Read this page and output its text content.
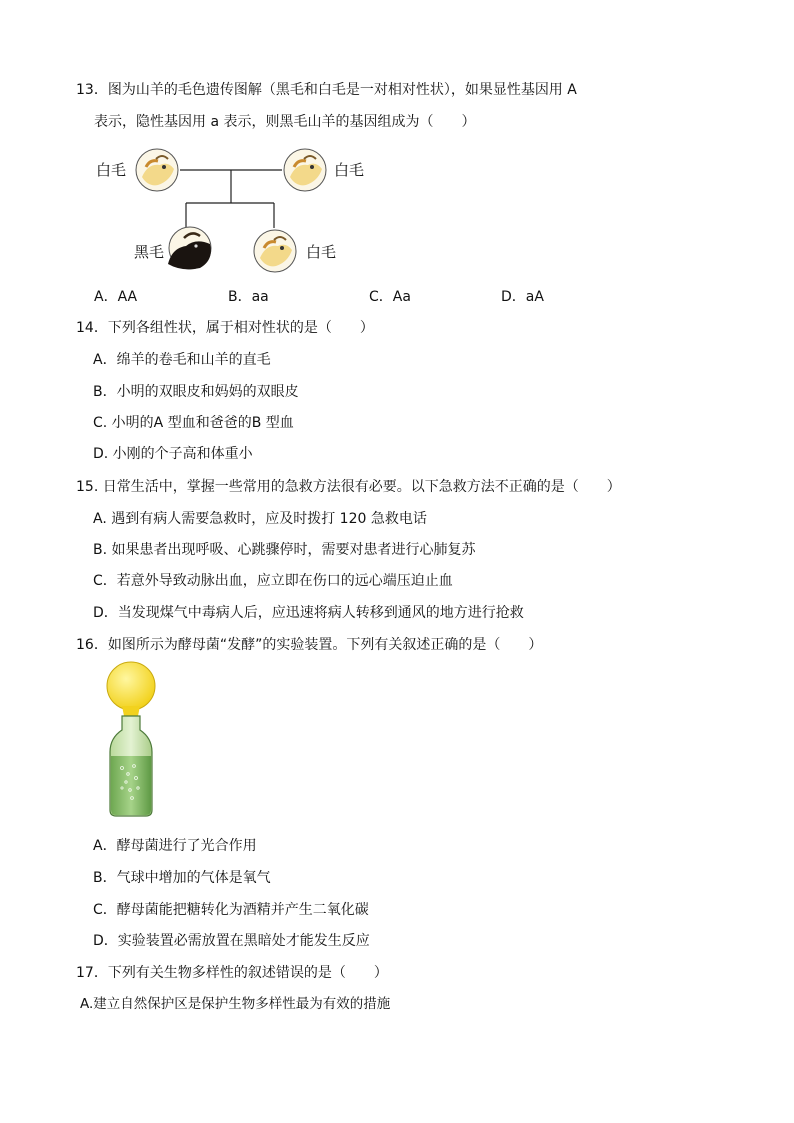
13．图为山羊的毛色遗传图解（黑毛和白毛是一对相对性状），如果显性基因用 A
表示，隐性基因用 a 表示，则黑毛山羊的基因组成为（　　）
白毛	白毛
黑毛	白毛
A．AA	B．aa	C．Aa	D．aA
14．下列各组性状，属于相对性状的是（　　）
A．绵羊的卷毛和山羊的直毛
B．小明的双眼皮和妈妈的双眼皮
C. 小明的A 型血和爸爸的B 型血
D. 小刚的个子高和体重小
15. 日常生活中，掌握一些常用的急救方法很有必要。以下急救方法不正确的是（　　）
A. 遇到有病人需要急救时，应及时拨打 120 急救电话
B. 如果患者出现呼吸、心跳骤停时，需要对患者进行心肺复苏
C．若意外导致动脉出血，应立即在伤口的远心端压迫止血
D．当发现煤气中毒病人后，应迅速将病人转移到通风的地方进行抢救
16．如图所示为酵母菌“发酵”的实验装置。下列有关叙述正确的是（　　）
A．酵母菌进行了光合作用
B．气球中增加的气体是氧气
C．酵母菌能把糖转化为酒精并产生二氧化碳
D．实验装置必需放置在黑暗处才能发生反应
17．下列有关生物多样性的叙述错误的是（　　）
A.建立自然保护区是保护生物多样性最为有效的措施
